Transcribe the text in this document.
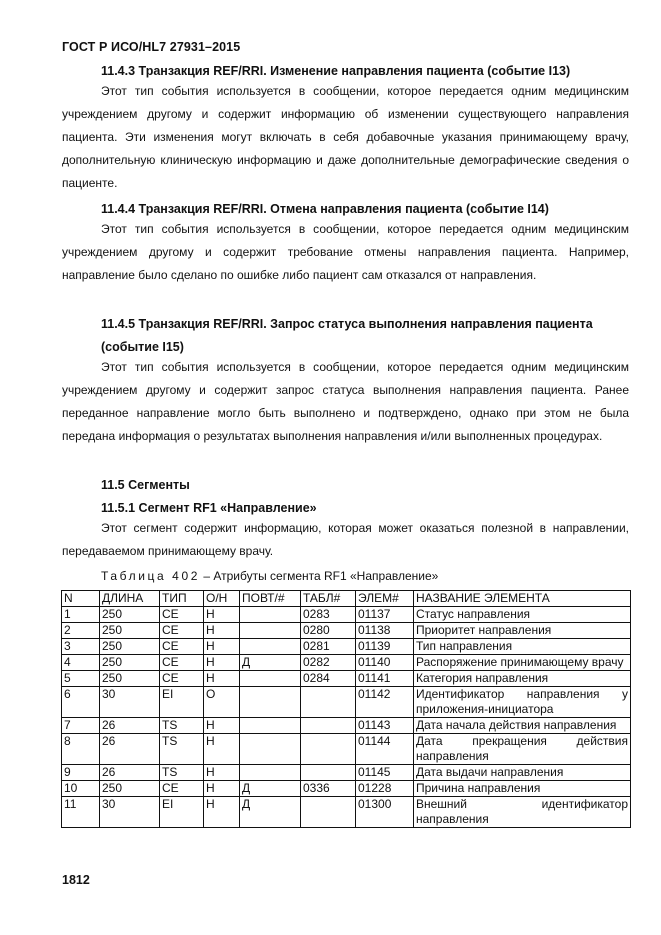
ГОСТ Р ИСО/HL7 27931–2015
11.4.3 Транзакция REF/RRI. Изменение направления пациента (событие I13)

Этот тип события используется в сообщении, которое передается одним медицинским учреждением другому и содержит информацию об изменении существующего направления пациента. Эти изменения могут включать в себя добавочные указания принимающему врачу, дополнительную клиническую информацию и даже дополнительные демографические сведения о пациенте.

11.4.4 Транзакция REF/RRI. Отмена направления пациента (событие I14)

Этот тип события используется в сообщении, которое передается одним медицинским учреждением другому и содержит требование отмены направления пациента. Например, направление было сделано по ошибке либо пациент сам отказался от направления.

11.4.5 Транзакция REF/RRI. Запрос статуса выполнения направления пациента
(событие I15)

Этот тип события используется в сообщении, которое передается одним медицинским учреждением другому и содержит запрос статуса выполнения направления пациента. Ранее переданное направление могло быть выполнено и подтверждено, однако при этом не была передана информация о результатах выполнения направления и/или выполненных процедурах.

11.5 Сегменты
11.5.1 Сегмент RF1 «Направление»

Этот сегмент содержит информацию, которая может оказаться полезной в направлении, передаваемом принимающему врачу.

Таблица 402 – Атрибуты сегмента RF1 «Направление»
N	ДЛИНА	ТИП	О/Н	ПОВТ/#	ТАБЛ#	ЭЛЕМ#	НАЗВАНИЕ ЭЛЕМЕНТА
1	250	CE	Н		0283	01137	Статус направления
2	250	CE	Н		0280	01138	Приоритет направления
3	250	CE	Н		0281	01139	Тип направления
4	250	CE	Н	Д	0282	01140	Распоряжение принимающему врачу
5	250	CE	Н		0284	01141	Категория направления
6	30	EI	О			01142	Идентификатор направления у приложения-инициатора
7	26	TS	Н			01143	Дата начала действия направления
8	26	TS	Н			01144	Дата прекращения действия направления
9	26	TS	Н			01145	Дата выдачи направления
10	250	CE	Н	Д	0336	01228	Причина направления
11	30	EI	Н	Д		01300	Внешний идентификатор направления
1812
